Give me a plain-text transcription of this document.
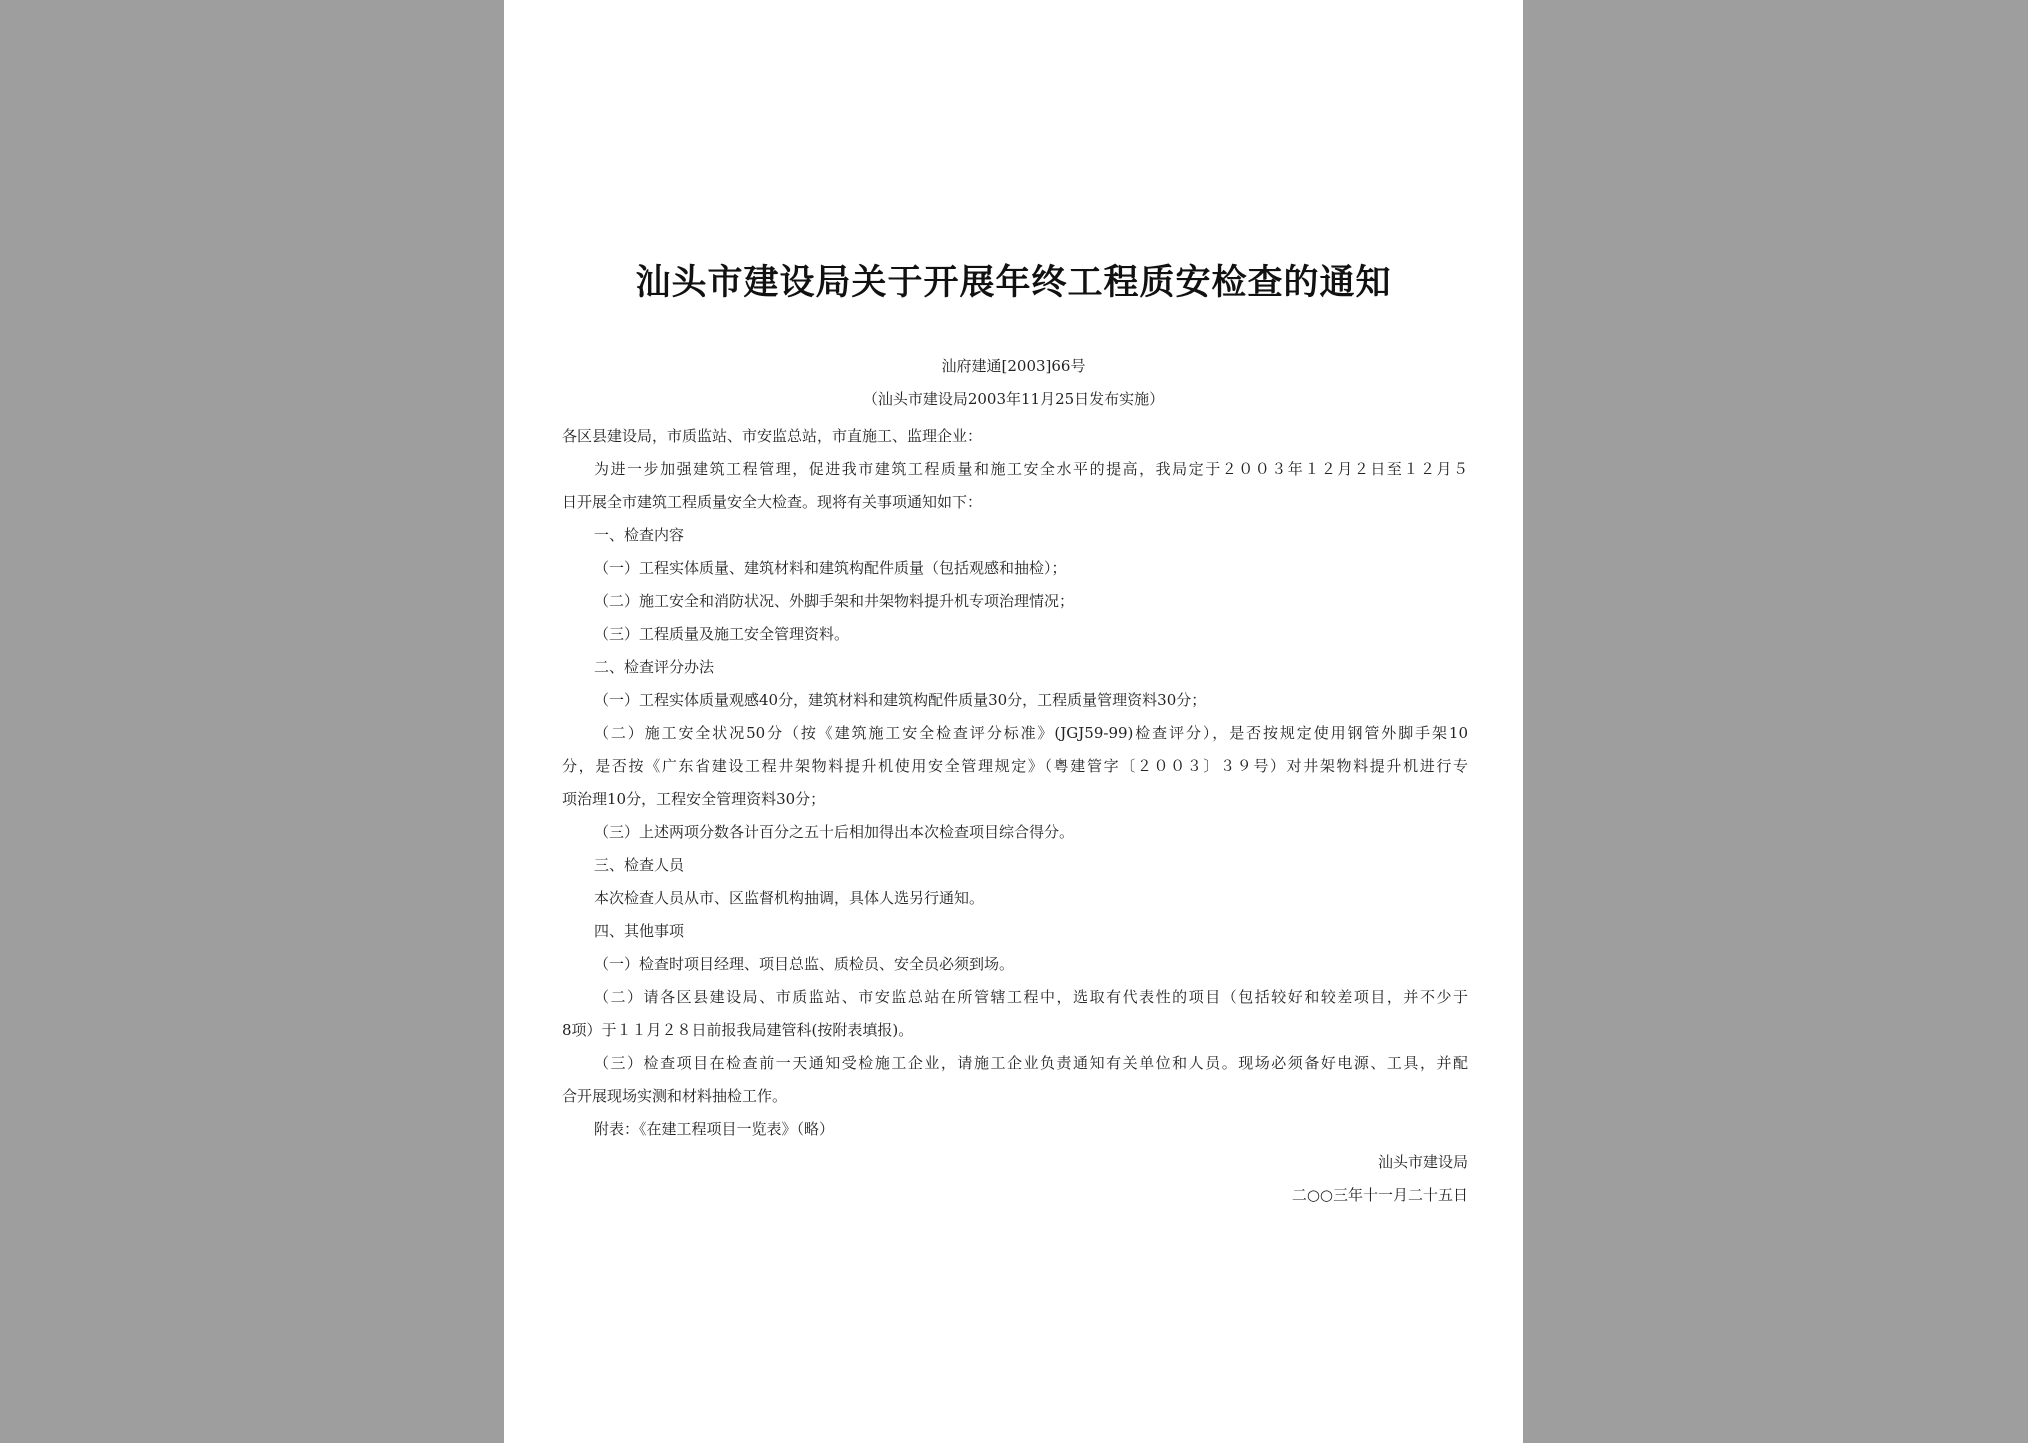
汕头市建设局关于开展年终工程质安检查的通知
汕府建通[2003]66号
（汕头市建设局2003年11月25日发布实施）
各区县建设局，市质监站、市安监总站，市直施工、监理企业：
为进一步加强建筑工程管理，促进我市建筑工程质量和施工安全水平的提高，我局定于２００３年１２月２日至１２月５
日开展全市建筑工程质量安全大检查。现将有关事项通知如下：
一、检查内容
（一）工程实体质量、建筑材料和建筑构配件质量（包括观感和抽检）；
（二）施工安全和消防状况、外脚手架和井架物料提升机专项治理情况；
（三）工程质量及施工安全管理资料。
二、检查评分办法
（一）工程实体质量观感40分，建筑材料和建筑构配件质量30分，工程质量管理资料30分；
（二）施工安全状况50分（按《建筑施工安全检查评分标准》(JGJ59-99)检查评分），是否按规定使用钢管外脚手架10
分，是否按《广东省建设工程井架物料提升机使用安全管理规定》（粤建管字〔２００３〕３９号）对井架物料提升机进行专
项治理10分，工程安全管理资料30分；
（三）上述两项分数各计百分之五十后相加得出本次检查项目综合得分。
三、检查人员
本次检查人员从市、区监督机构抽调，具体人选另行通知。
四、其他事项
（一）检查时项目经理、项目总监、质检员、安全员必须到场。
（二）请各区县建设局、市质监站、市安监总站在所管辖工程中，选取有代表性的项目（包括较好和较差项目，并不少于
8项）于１１月２８日前报我局建管科(按附表填报)。
（三）检查项目在检查前一天通知受检施工企业，请施工企业负责通知有关单位和人员。现场必须备好电源、工具，并配
合开展现场实测和材料抽检工作。
附表：《在建工程项目一览表》（略）
汕头市建设局
二○○三年十一月二十五日
